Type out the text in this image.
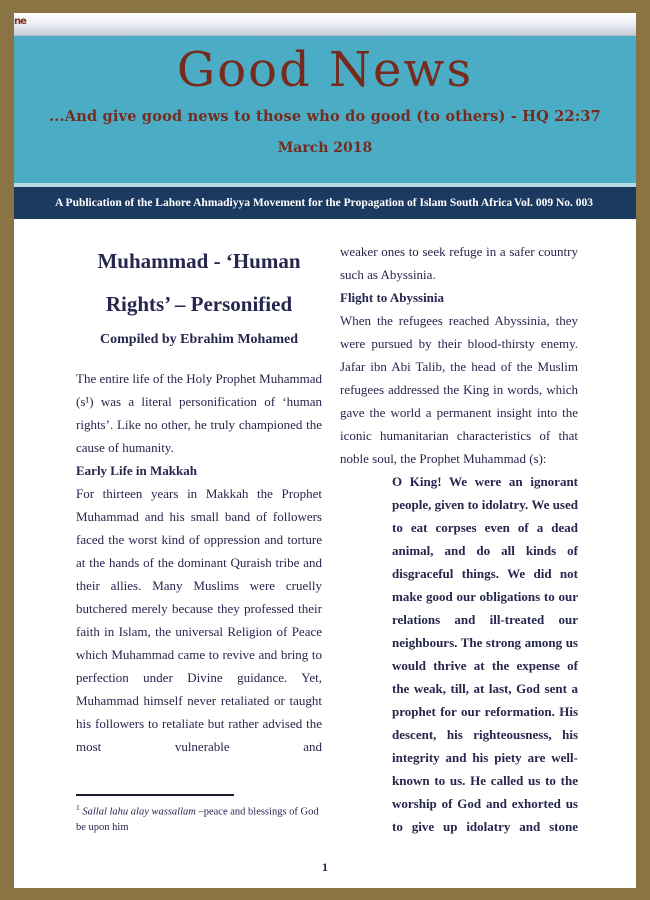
ne
Good News
...And give good news to those who do good (to others) - HQ 22:37
March 2018
A Publication of the Lahore Ahmadiyya Movement for the Propagation of Islam South Africa Vol. 009 No. 003
Muhammad - ‘Human
Rights’ – Personified
Compiled by Ebrahim Mohamed

The entire life of the Holy Prophet Muhammad (s¹) was a literal personification of ‘human rights’. Like no other, he truly championed the cause of humanity.

Early Life in Makkah

For thirteen years in Makkah the Prophet Muhammad and his small band of followers faced the worst kind of oppression and torture at the hands of the dominant Quraish tribe and their allies. Many Muslims were cruelly butchered merely because they professed their faith in Islam, the universal Religion of Peace which Muhammad came to revive and bring to perfection under Divine guidance. Yet, Muhammad himself never retaliated or taught his followers to retaliate but rather advised the most vulnerable and

$^1$ Sallal lahu alay wassallam –peace and blessings of God be upon him

weaker ones to seek refuge in a safer country such as Abyssinia.

Flight to Abyssinia

When the refugees reached Abyssinia, they were pursued by their blood-thirsty enemy. Jafar ibn Abi Talib, the head of the Muslim refugees addressed the King in words, which gave the world a permanent insight into the iconic humanitarian characteristics of that noble soul, the Prophet Muhammad (s):

O King! We were an ignorant people, given to idolatry. We used to eat corpses even of a dead animal, and do all kinds of disgraceful things. We did not make good our obligations to our relations and ill-treated our neighbours. The strong among us would thrive at the expense of the weak, till, at last, God sent a prophet for our reformation. His descent, his righteousness, his integrity and his piety are well-known to us. He called us to the worship of God and exhorted us to give up idolatry and stone

1
